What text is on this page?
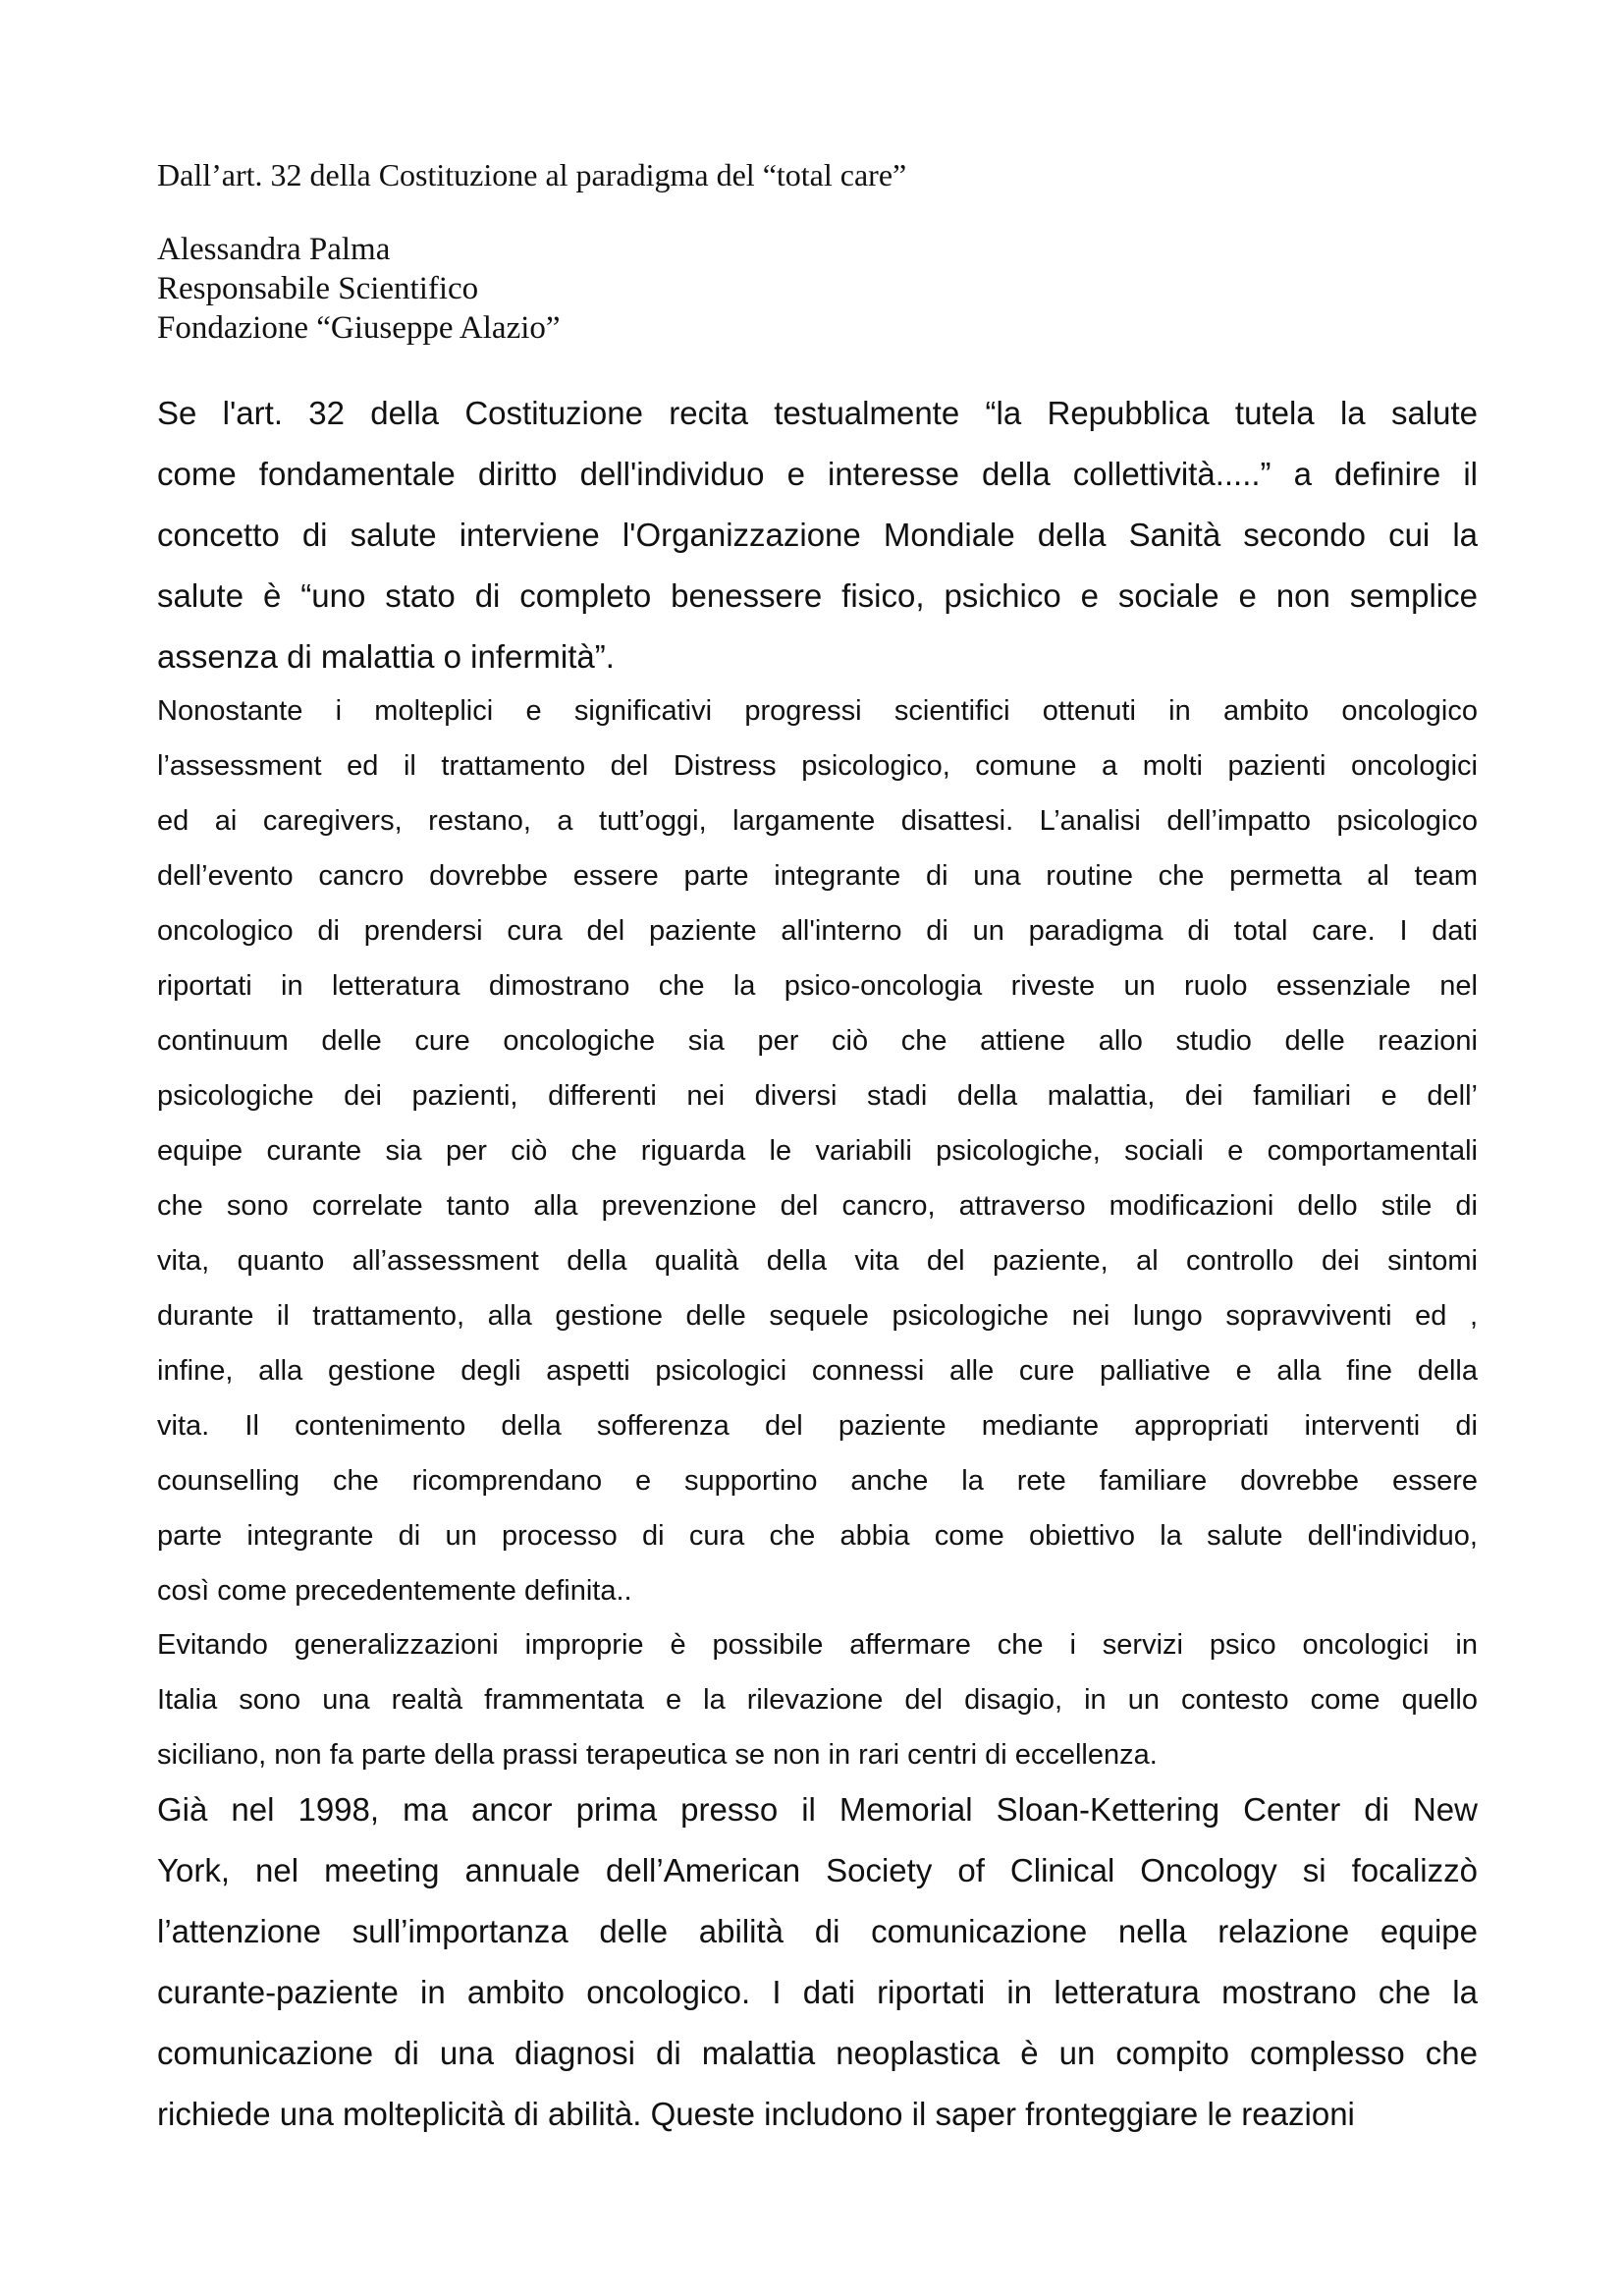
Dall’art. 32 della Costituzione al paradigma del “total care”
Alessandra Palma
Responsabile Scientifico
Fondazione “Giuseppe Alazio”
Se l'art. 32 della Costituzione recita testualmente “la Repubblica tutela la salute
come fondamentale diritto dell'individuo e interesse della collettività.....” a definire il
concetto di salute interviene l'Organizzazione Mondiale della Sanità secondo cui la
salute è “uno stato di completo benessere fisico, psichico e sociale e non semplice
assenza di malattia o infermità”.
Nonostante i molteplici e significativi progressi scientifici ottenuti in ambito oncologico
l’assessment ed il trattamento del Distress psicologico, comune a molti pazienti oncologici
ed ai caregivers, restano, a tutt’oggi, largamente disattesi. L’analisi dell’impatto psicologico
dell’evento cancro dovrebbe essere parte integrante di una routine che permetta al team
oncologico di prendersi cura del paziente all'interno di un paradigma di total care. I dati
riportati in letteratura dimostrano che la psico-oncologia riveste un ruolo essenziale nel
continuum delle cure oncologiche sia per ciò che attiene allo studio delle reazioni
psicologiche dei pazienti, differenti nei diversi stadi della malattia, dei familiari e dell’
equipe curante sia per ciò che riguarda le variabili psicologiche, sociali e comportamentali
che sono correlate tanto alla prevenzione del cancro, attraverso modificazioni dello stile di
vita, quanto all’assessment della qualità della vita del paziente, al controllo dei sintomi
durante il trattamento, alla gestione delle sequele psicologiche nei lungo sopravviventi ed ,
infine, alla gestione degli aspetti psicologici connessi alle cure palliative e alla fine della
vita. Il contenimento della sofferenza del paziente mediante appropriati interventi di
counselling che ricomprendano e supportino anche la rete familiare dovrebbe essere
parte integrante di un processo di cura che abbia come obiettivo la salute dell'individuo,
così come precedentemente definita..
Evitando generalizzazioni improprie è possibile affermare che i servizi psico oncologici in
Italia sono una realtà frammentata e la rilevazione del disagio, in un contesto come quello
siciliano, non fa parte della prassi terapeutica se non in rari centri di eccellenza.
Già nel 1998, ma ancor prima presso il Memorial Sloan-Kettering Center di New
York, nel meeting annuale dell’American Society of Clinical Oncology si focalizzò
l’attenzione sull’importanza delle abilità di comunicazione nella relazione equipe
curante-paziente in ambito oncologico. I dati riportati in letteratura mostrano che la
comunicazione di una diagnosi di malattia neoplastica è un compito complesso che
richiede una molteplicità di abilità. Queste includono il saper fronteggiare le reazioni
